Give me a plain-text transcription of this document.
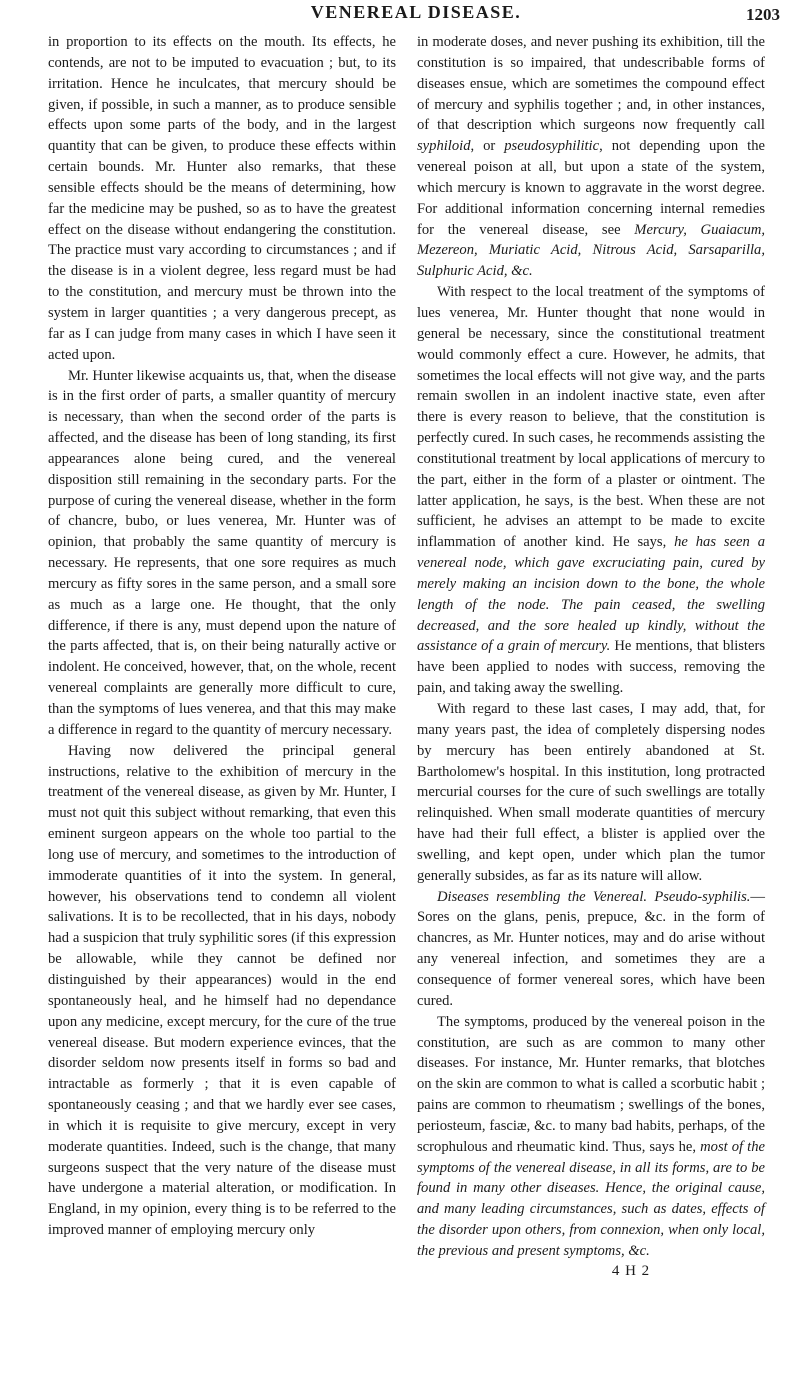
VENEREAL DISEASE.	1203

in proportion to its effects on the mouth. Its effects, he contends, are not to be imputed to evacuation ; but, to its irritation. Hence he inculcates, that mercury should be given, if possible, in such a manner, as to produce sensible effects upon some parts of the body, and in the largest quantity that can be given, to produce these effects within certain bounds. Mr. Hunter also remarks, that these sensible effects should be the means of determining, how far the medicine may be pushed, so as to have the greatest effect on the disease without endangering the constitution. The practice must vary according to circumstances ; and if the disease is in a violent degree, less regard must be had to the constitution, and mercury must be thrown into the system in larger quantities ; a very dangerous precept, as far as I can judge from many cases in which I have seen it acted upon.

Mr. Hunter likewise acquaints us, that, when the disease is in the first order of parts, a smaller quantity of mercury is necessary, than when the second order of the parts is affected, and the disease has been of long standing, its first appearances alone being cured, and the venereal disposition still remaining in the secondary parts. For the purpose of curing the venereal disease, whether in the form of chancre, bubo, or lues venerea, Mr. Hunter was of opinion, that probably the same quantity of mercury is necessary. He represents, that one sore requires as much mercury as fifty sores in the same person, and a small sore as much as a large one. He thought, that the only difference, if there is any, must depend upon the nature of the parts affected, that is, on their being naturally active or indolent. He conceived, however, that, on the whole, recent venereal complaints are generally more difficult to cure, than the symptoms of lues venerea, and that this may make a difference in regard to the quantity of mercury necessary.

Having now delivered the principal general instructions, relative to the exhibition of mercury in the treatment of the venereal disease, as given by Mr. Hunter, I must not quit this subject without remarking, that even this eminent surgeon appears on the whole too partial to the long use of mercury, and sometimes to the introduction of immoderate quantities of it into the system. In general, however, his observations tend to condemn all violent salivations. It is to be recollected, that in his days, nobody had a suspicion that truly syphilitic sores (if this expression be allowable, while they cannot be defined nor distinguished by their appearances) would in the end spontaneously heal, and he himself had no dependance upon any medicine, except mercury, for the cure of the true venereal disease. But modern experience evinces, that the disorder seldom now presents itself in forms so bad and intractable as formerly ; that it is even capable of spontaneously ceasing ; and that we hardly ever see cases, in which it is requisite to give mercury, except in very moderate quantities. Indeed, such is the change, that many surgeons suspect that the very nature of the disease must have undergone a material alteration, or modification. In England, in my opinion, every thing is to be referred to the improved manner of employing mercury only

in moderate doses, and never pushing its exhibition, till the constitution is so impaired, that undescribable forms of diseases ensue, which are sometimes the compound effect of mercury and syphilis together ; and, in other instances, of that description which surgeons now frequently call syphiloid, or pseudosyphilitic, not depending upon the venereal poison at all, but upon a state of the system, which mercury is known to aggravate in the worst degree. For additional information concerning internal remedies for the venereal disease, see Mercury, Guaiacum, Mezereon, Muriatic Acid, Nitrous Acid, Sarsaparilla, Sulphuric Acid, &c.

With respect to the local treatment of the symptoms of lues venerea, Mr. Hunter thought that none would in general be necessary, since the constitutional treatment would commonly effect a cure. However, he admits, that sometimes the local effects will not give way, and the parts remain swollen in an indolent inactive state, even after there is every reason to believe, that the constitution is perfectly cured. In such cases, he recommends assisting the constitutional treatment by local applications of mercury to the part, either in the form of a plaster or ointment. The latter application, he says, is the best. When these are not sufficient, he advises an attempt to be made to excite inflammation of another kind. He says, he has seen a venereal node, which gave excruciating pain, cured by merely making an incision down to the bone, the whole length of the node. The pain ceased, the swelling decreased, and the sore healed up kindly, without the assistance of a grain of mercury. He mentions, that blisters have been applied to nodes with success, removing the pain, and taking away the swelling.

With regard to these last cases, I may add, that, for many years past, the idea of completely dispersing nodes by mercury has been entirely abandoned at St. Bartholomew's hospital. In this institution, long protracted mercurial courses for the cure of such swellings are totally relinquished. When small moderate quantities of mercury have had their full effect, a blister is applied over the swelling, and kept open, under which plan the tumor generally subsides, as far as its nature will allow.

Diseases resembling the Venereal. Pseudo-syphilis.—Sores on the glans, penis, prepuce, &c. in the form of chancres, as Mr. Hunter notices, may and do arise without any venereal infection, and sometimes they are a consequence of former venereal sores, which have been cured.

The symptoms, produced by the venereal poison in the constitution, are such as are common to many other diseases. For instance, Mr. Hunter remarks, that blotches on the skin are common to what is called a scorbutic habit ; pains are common to rheumatism ; swellings of the bones, periosteum, fasciæ, &c. to many bad habits, perhaps, of the scrophulous and rheumatic kind. Thus, says he, most of the symptoms of the venereal disease, in all its forms, are to be found in many other diseases. Hence, the original cause, and many leading circumstances, such as dates, effects of the disorder upon others, from connexion, when only local, the previous and present symptoms, &c.

4 H 2
